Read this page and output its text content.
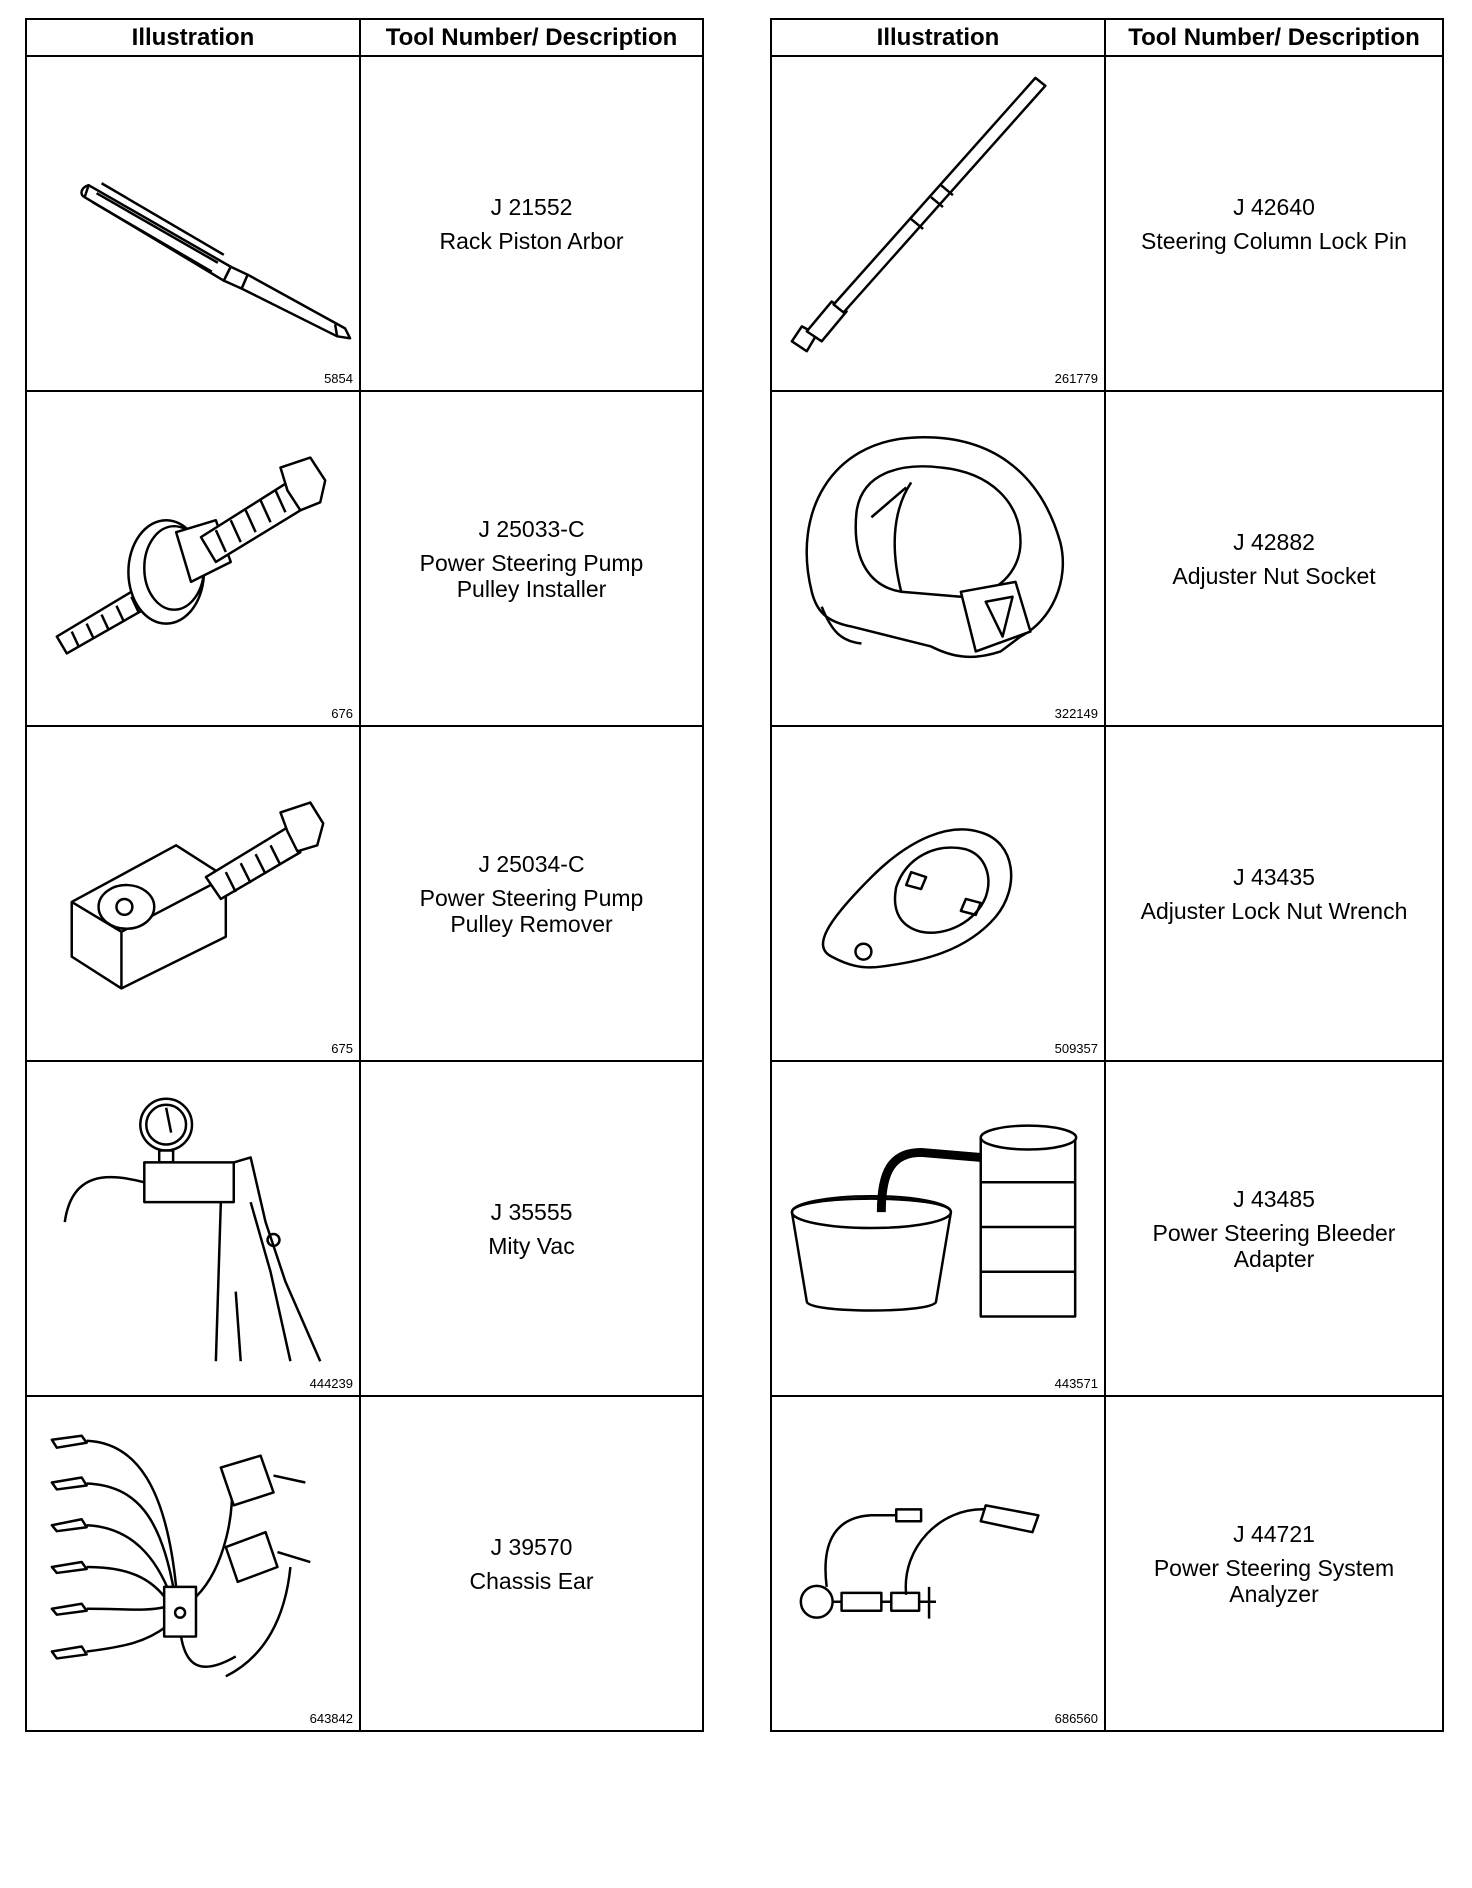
Illustration	Tool Number/ Description

5854	J 21552
Rack Piston Arbor

676	J 25033-C
Power Steering Pump
Pulley Installer

675	J 25034-C
Power Steering Pump
Pulley Remover

444239	J 35555
Mity Vac

643842	J 39570
Chassis Ear
Illustration	Tool Number/ Description

261779	J 42640
Steering Column Lock Pin

322149	J 42882
Adjuster Nut Socket

509357	J 43435
Adjuster Lock Nut Wrench

443571	J 43485
Power Steering Bleeder
Adapter

686560	J 44721
Power Steering System
Analyzer
